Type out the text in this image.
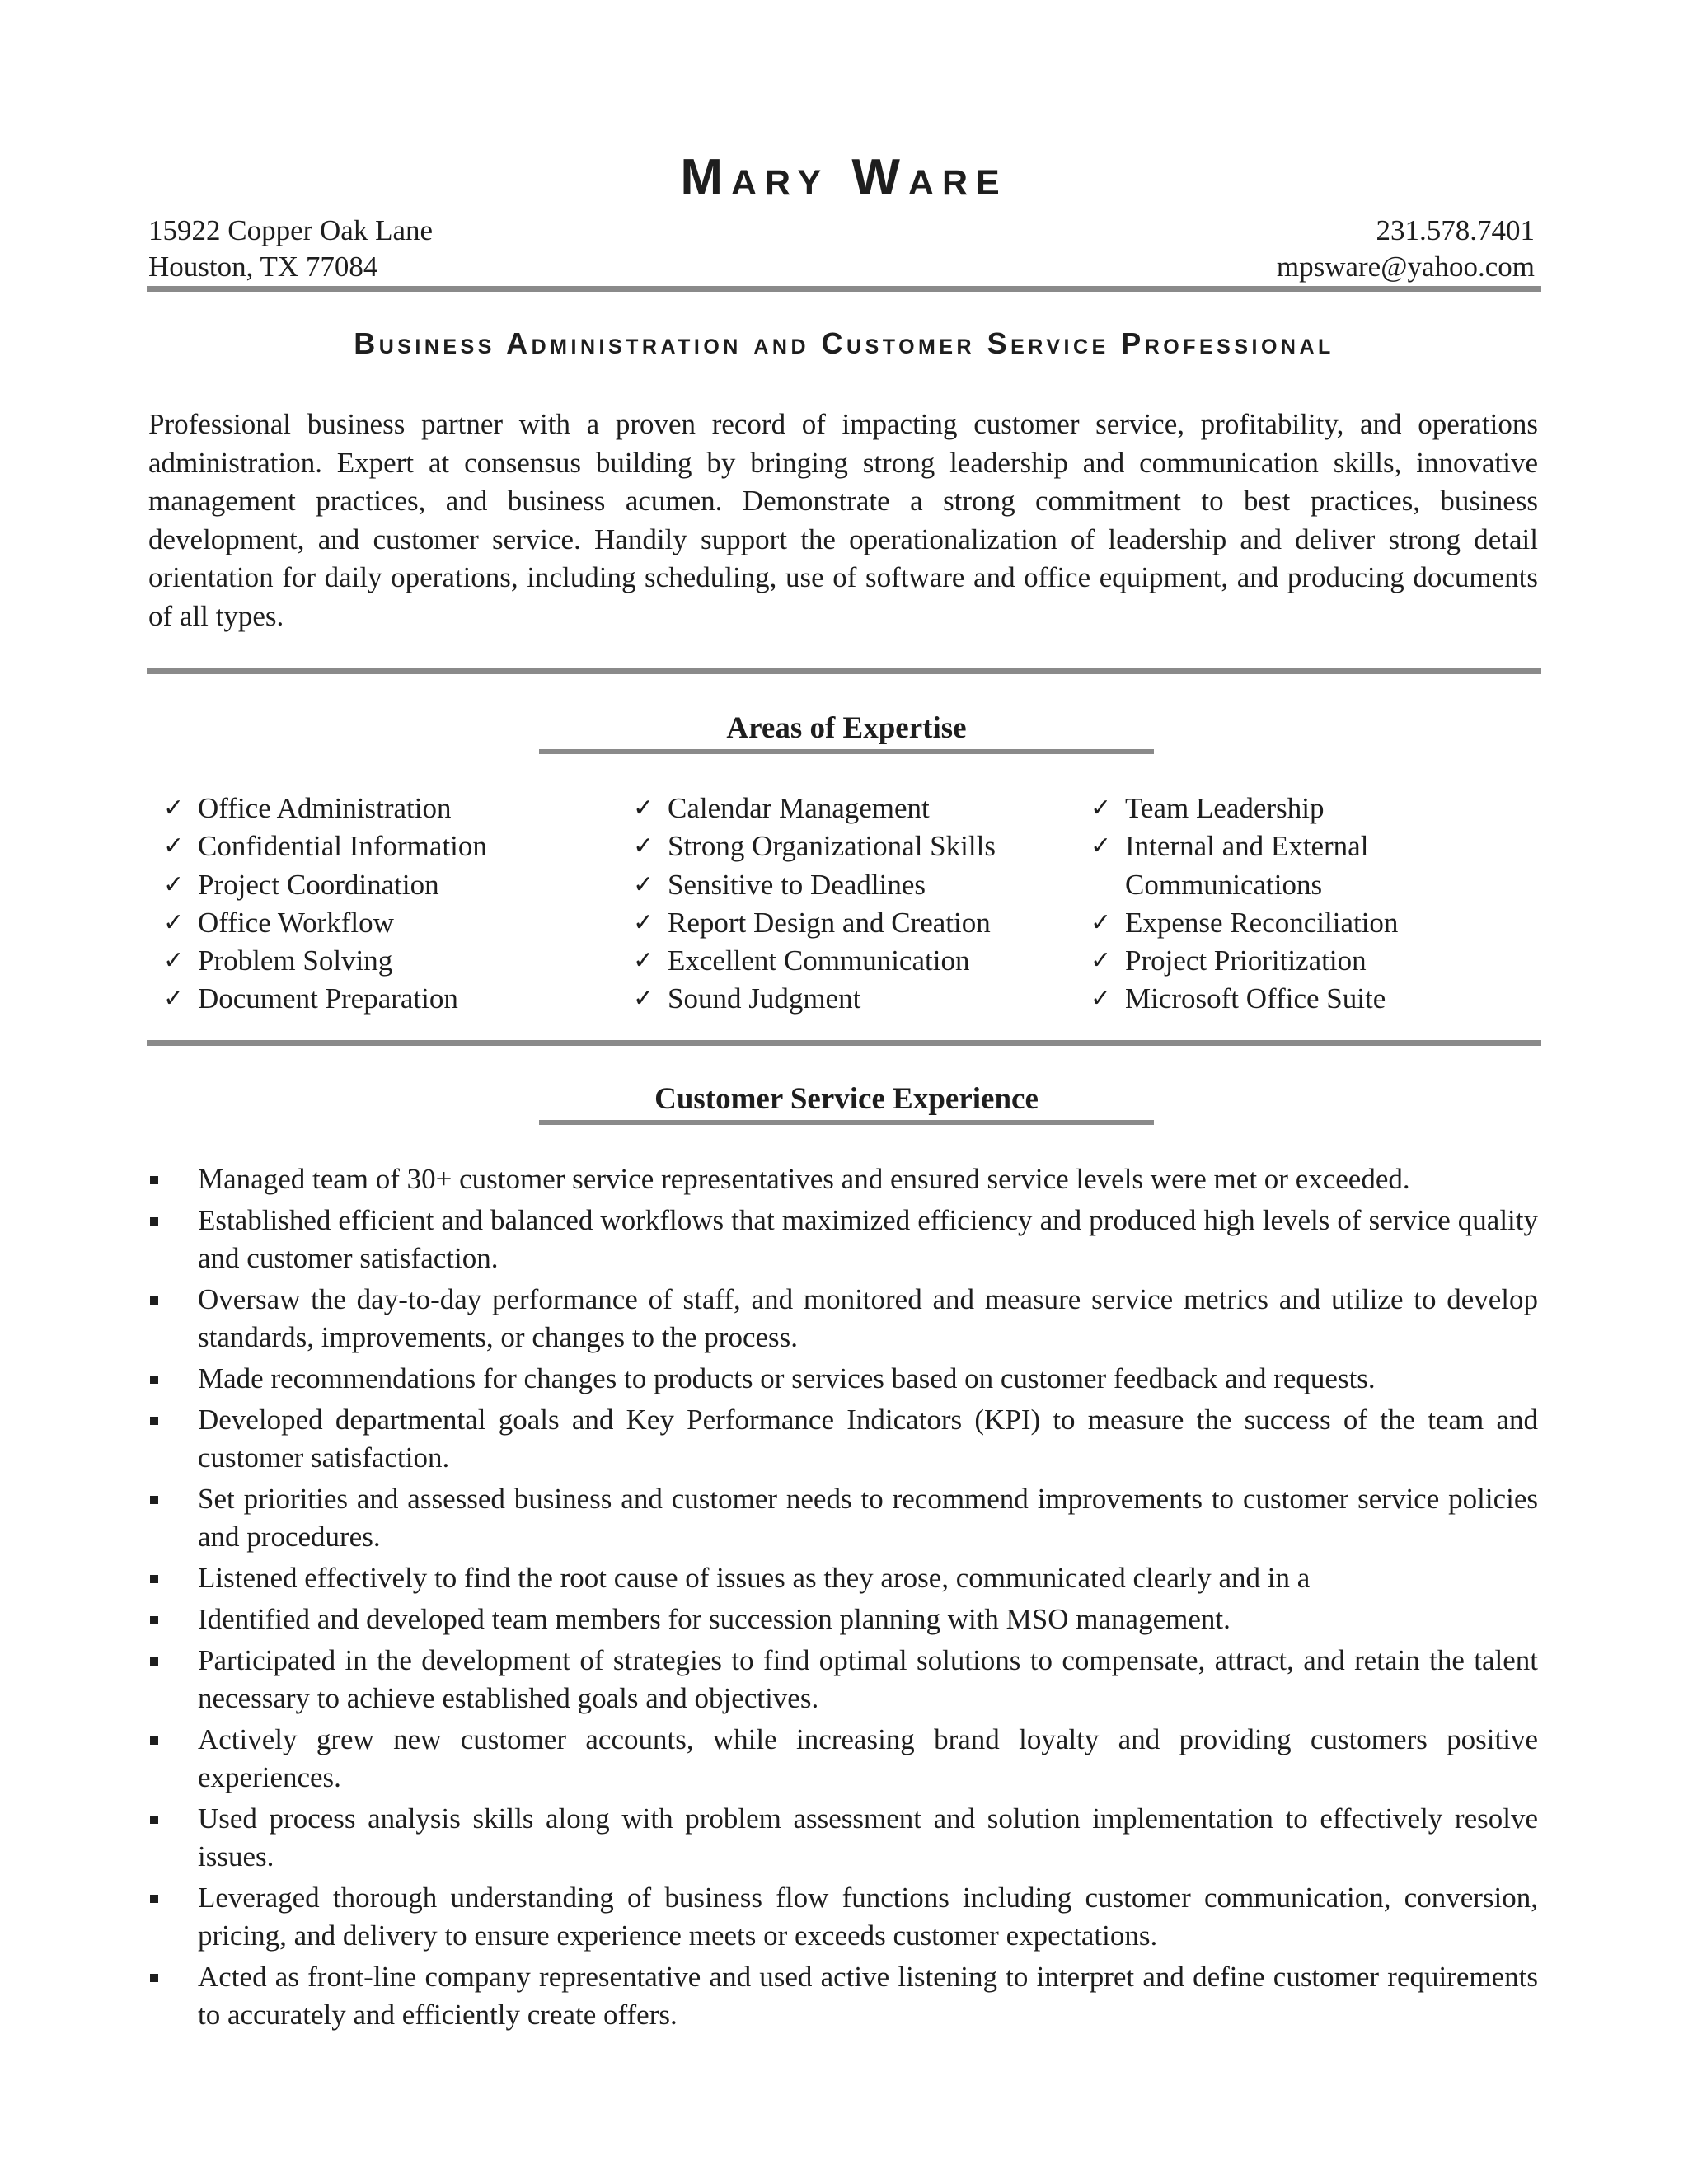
Mary Ware
15922 Copper Oak Lane
Houston, TX 77084
231.578.7401
mpsware@yahoo.com
Business Administration and Customer Service Professional

Professional business partner with a proven record of impacting customer service, profitability, and operations administration. Expert at consensus building by bringing strong leadership and communication skills, innovative management practices, and business acumen. Demonstrate a strong commitment to best practices, business development, and customer service. Handily support the operationalization of leadership and deliver strong detail orientation for daily operations, including scheduling, use of software and office equipment, and producing documents of all types.

Areas of Expertise
✓ Office Administration
✓ Confidential Information
✓ Project Coordination
✓ Office Workflow
✓ Problem Solving
✓ Document Preparation
✓ Calendar Management
✓ Strong Organizational Skills
✓ Sensitive to Deadlines
✓ Report Design and Creation
✓ Excellent Communication
✓ Sound Judgment
✓ Team Leadership
✓ Internal and External Communications
✓ Expense Reconciliation
✓ Project Prioritization
✓ Microsoft Office Suite
Customer Service Experience
Managed team of 30+ customer service representatives and ensured service levels were met or exceeded.
Established efficient and balanced workflows that maximized efficiency and produced high levels of service quality and customer satisfaction.
Oversaw the day-to-day performance of staff, and monitored and measure service metrics and utilize to develop standards, improvements, or changes to the process.
Made recommendations for changes to products or services based on customer feedback and requests.
Developed departmental goals and Key Performance Indicators (KPI) to measure the success of the team and customer satisfaction.
Set priorities and assessed business and customer needs to recommend improvements to customer service policies and procedures.
Listened effectively to find the root cause of issues as they arose, communicated clearly and in a
Identified and developed team members for succession planning with MSO management.
Participated in the development of strategies to find optimal solutions to compensate, attract, and retain the talent necessary to achieve established goals and objectives.
Actively grew new customer accounts, while increasing brand loyalty and providing customers positive experiences.
Used process analysis skills along with problem assessment and solution implementation to effectively resolve issues.
Leveraged thorough understanding of business flow functions including customer communication, conversion, pricing, and delivery to ensure experience meets or exceeds customer expectations.
Acted as front-line company representative and used active listening to interpret and define customer requirements to accurately and efficiently create offers.
